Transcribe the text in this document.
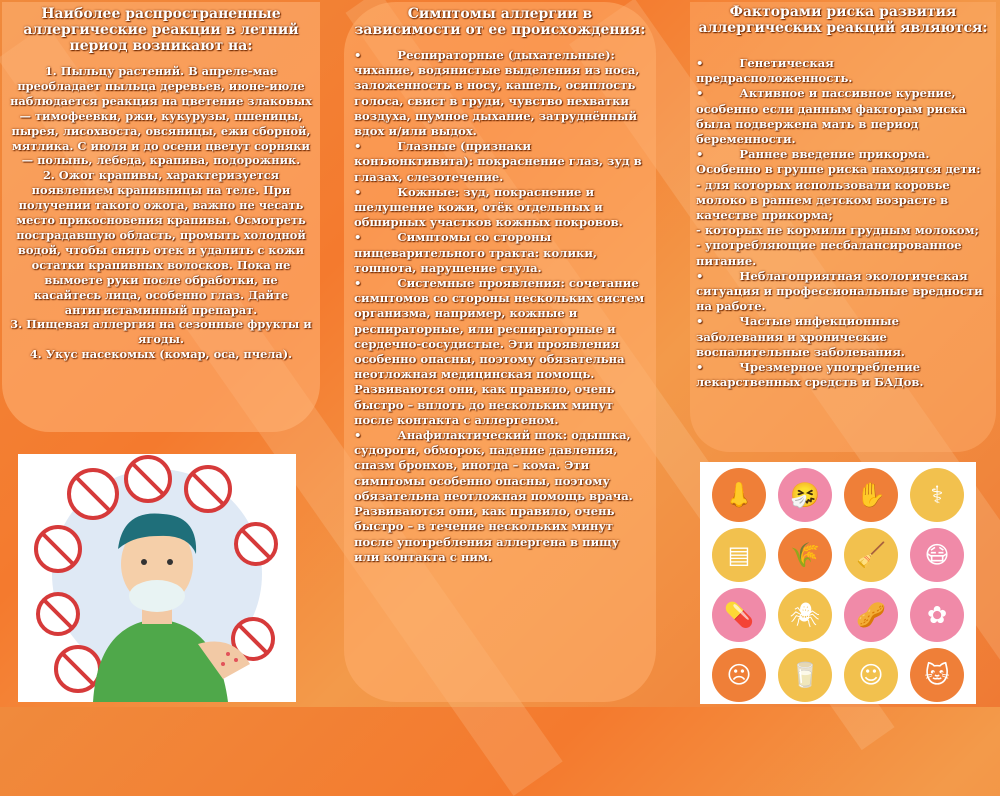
Наиболее распространенные аллергические реакции в летний период возникают на:

1. Пыльцу растений. В апреле-мае преобладает пыльца деревьев, июне-июле наблюдается реакция на цветение злаковых — тимофеевки, ржи, кукурузы, пшеницы, пырея, лисохвоста, овсяницы, ежи сборной, мятлика. С июля и до осени цветут сорняки — полынь, лебеда, крапива, подорожник.

2. Ожог крапивы, характеризуется появлением крапивницы на теле. При получении такого ожога, важно не чесать место прикосновения крапивы. Осмотреть пострадавшую область, промыть холодной водой, чтобы снять отек и удалить с кожи остатки крапивных волосков. Пока не вымоете руки после обработки, не касайтесь лица, особенно глаз. Дайте антигистаминный препарат.

3. Пищевая аллергия на сезонные фрукты и ягоды.

4. Укус насекомых (комар, оса, пчела).

Симптомы аллергии в зависимости от ее происхождения:

•	Респираторные (дыхательные): чихание, водянистые выделения из носа, заложенность в носу, кашель, осиплость голоса, свист в груди, чувство нехватки воздуха, шумное дыхание, затруднённый вдох и/или выдох.

•	Глазные (признаки конъюнктивита): покраснение глаз, зуд в глазах, слезотечение.

•	Кожные: зуд, покраснение и шелушение кожи, отёк отдельных и обширных участков кожных покровов.

•	Симптомы со стороны пищеварительного тракта: колики, тошнота, нарушение стула.

•	Системные проявления: сочетание симптомов со стороны нескольких систем организма, например, кожные и респираторные, или респираторные и сердечно-сосудистые. Эти проявления особенно опасны, поэтому обязательна неотложная медицинская помощь. Развиваются они, как правило, очень быстро – вплоть до нескольких минут после контакта с аллергеном.

•	Анафилактический шок: одышка, судороги, обморок, падение давления, спазм бронхов, иногда – кома. Эти симптомы особенно опасны, поэтому обязательна неотложная помощь врача. Развиваются они, как правило, очень быстро – в течение нескольких минут после употребления аллергена в пищу или контакта с ним.

Факторами риска развития аллергических реакций являются:

•	Генетическая предрасположенность.

•	Активное и пассивное курение, особенно если данным факторам риска была подвержена мать в период беременности.

•	Раннее введение прикорма. Особенно в группе риска находятся дети:

- для которых использовали коровье молоко в раннем детском возрасте в качестве прикорма;

- которых не кормили грудным молоком;

- употребляющие несбалансированное питание.

•	Неблагоприятная экологическая ситуация и профессиональные вредности на работе.

•	Частые инфекционные заболевания и хронические воспалительные заболевания.

•	Чрезмерное употребление лекарственных средств и БАДов.

👃	🤧	✋	⚕
▤	🌾	🧹	😷
💊	🕷	🥜	✿
☹	🥛	☺	🐱
